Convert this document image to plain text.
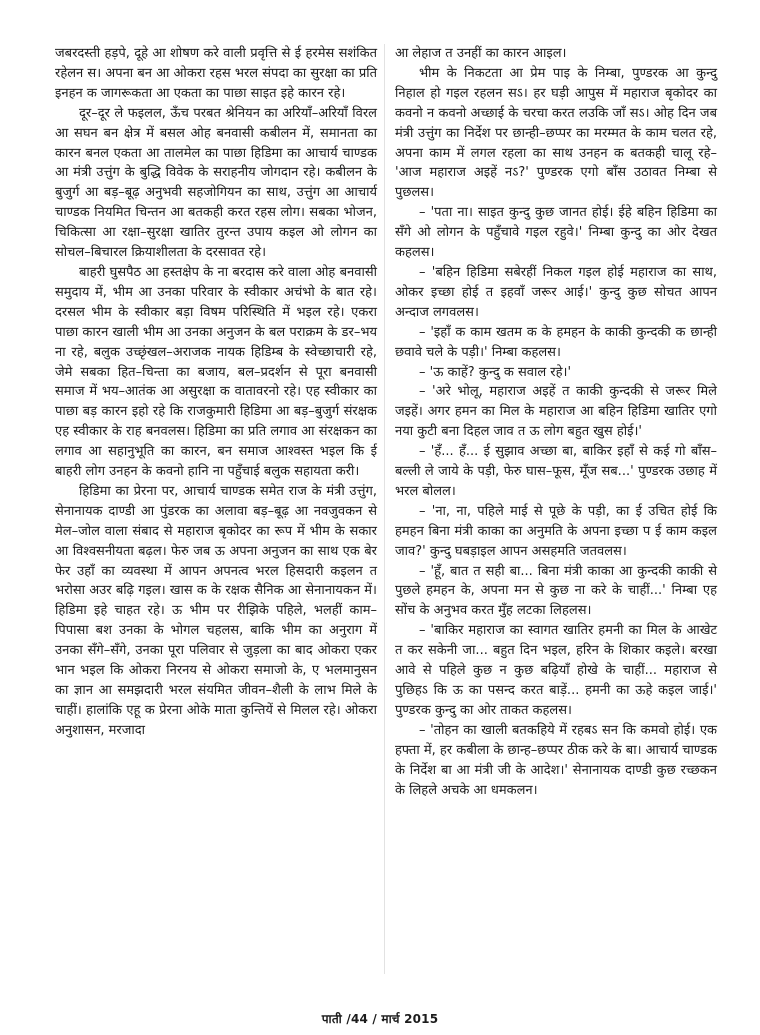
जबरदस्ती हड़पे, दूहे आ शोषण करे वाली प्रवृत्ति से ई हरमेस सशंकित रहेलन स। अपना बन आ ओकरा रहस भरल संपदा का सुरक्षा का प्रति इनहन क जागरूकता आ एकता का पाछा साइत इहे कारन रहे।

दूर–दूर ले फइलल, ऊँच परबत श्रेनियन का अरियाँ–अरियाँ विरल आ सघन बन क्षेत्र में बसल ओह बनवासी कबीलन में, समानता का कारन बनल एकता आ तालमेल का पाछा हिडिमा का आचार्य चाण्डक आ मंत्री उत्तुंग के बुद्धि विवेक के सराहनीय जोगदान रहे। कबीलन के बुजुर्ग आ बड़–बूढ़ अनुभवी सहजोगियन का साथ, उत्तुंग आ आचार्य चाण्डक नियमित चिन्तन आ बतकही करत रहस लोग। सबका भोजन, चिकित्सा आ रक्षा–सुरक्षा खातिर तुरन्त उपाय कइल ओ लोगन का सोचल–बिचारल क्रियाशीलता के दरसावत रहे।

बाहरी घुसपैठ आ हस्तक्षेप के ना बरदास करे वाला ओह बनवासी समुदाय में, भीम आ उनका परिवार के स्वीकार अचंभो के बात रहे। दरसल भीम के स्वीकार बड़ा विषम परिस्थिति में भइल रहे। एकरा पाछा कारन खाली भीम आ उनका अनुजन के बल पराक्रम के डर–भय ना रहे, बलुक उच्छृंखल–अराजक नायक हिडिम्ब के स्वेच्छाचारी रहे, जेमे सबका हित–चिन्ता का बजाय, बल–प्रदर्शन से पूरा बनवासी समाज में भय–आतंक आ असुरक्षा क वातावरनो रहे। एह स्वीकार का पाछा बड़ कारन इहो रहे कि राजकुमारी हिडिमा आ बड़–बुजुर्ग संरक्षक एह स्वीकार के राह बनवलस। हिडिमा का प्रति लगाव आ संरक्षकन का लगाव आ सहानुभूति का कारन, बन समाज आश्वस्त भइल कि ई बाहरी लोग उनहन के कवनो हानि ना पहुँचाई बलुक सहायता करी।

हिडिमा का प्रेरना पर, आचार्य चाण्डक समेत राज के मंत्री उत्तुंग, सेनानायक दाण्डी आ पुंडरक का अलावा बड़–बूढ़ आ नवजुवकन से मेल–जोल वाला संबाद से महाराज बृकोदर का रूप में भीम के सकार आ विश्वसनीयता बढ़ल। फेरु जब ऊ अपना अनुजन का साथ एक बेर फेर उहाँ का व्यवस्था में आपन अपनत्व भरल हिसदारी कइलन त भरोसा अउर बढ़ि गइल। खास क के रक्षक सैनिक आ सेनानायकन में। हिडिमा इहे चाहत रहे। ऊ भीम पर रीझिके पहिले, भलहीं काम–पिपासा बश उनका के भोगल चहलस, बाकि भीम का अनुराग में उनका सँगे–सँगे, उनका पूरा पलिवार से जुड़ला का बाद ओकरा एकर भान भइल कि ओकरा निरनय से ओकरा समाजो के, ए भलमानुसन का ज्ञान आ समझदारी भरल संयमित जीवन–शैली के लाभ मिले के चाहीं। हालांकि एहू क प्रेरना ओके माता कुन्तियें से मिलल रहे। ओकरा अनुशासन, मरजादा

आ लेहाज त उनहीं का कारन आइल।

भीम के निकटता आ प्रेम पाइ के निम्बा, पुण्डरक आ कुन्दु निहाल हो गइल रहलन सऽ। हर घड़ी आपुस में महाराज बृकोदर का कवनो न कवनो अच्छाई के चरचा करत लउकि जाँ सऽ। ओह दिन जब मंत्री उत्तुंग का निर्देश पर छान्ही–छप्पर का मरम्मत के काम चलत रहे, अपना काम में लगल रहला का साथ उनहन क बतकही चालू रहे– 'आज महाराज अइहें नऽ?' पुण्डरक एगो बाँस उठावत निम्बा से पुछलस।

– 'पता ना। साइत कुन्दु कुछ जानत होई। ईहे बहिन हिडिमा का सँगे ओ लोगन के पहुँचावे गइल रहुवे।' निम्बा कुन्दु का ओर देखत कहलस।

– 'बहिन हिडिमा सबेरहीं निकल गइल होई महाराज का साथ, ओकर इच्छा होई त इहवाँ जरूर आई।' कुन्दु कुछ सोचत आपन अन्दाज लगवलस।

– 'इहाँ क काम खतम क के हमहन के काकी कुन्दकी क छान्ही छवावे चले के पड़ी।' निम्बा कहलस।

– 'ऊ काहें? कुन्दु क सवाल रहे।'

– 'अरे भोलू, महाराज अइहें त काकी कुन्दकी से जरूर मिले जइहें। अगर हमन का मिल के महाराज आ बहिन हिडिमा खातिर एगो नया कुटी बना दिहल जाव त ऊ लोग बहुत खुस होई।'

– 'हँ... हँ... ई सुझाव अच्छा बा, बाकिर इहाँ से कई गो बाँस–बल्ली ले जाये के पड़ी, फेरु घास–फूस, मूँज सब...' पुण्डरक उछाह में भरल बोलल।

– 'ना, ना, पहिले माई से पूछे के पड़ी, का ई उचित होई कि हमहन बिना मंत्री काका का अनुमति के अपना इच्छा प ई काम कइल जाव?' कुन्दु घबड़ाइल आपन असहमति जतवलस।

– 'हूँ, बात त सही बा... बिना मंत्री काका आ कुन्दकी काकी से पुछले हमहन के, अपना मन से कुछ ना करे के चाहीं...' निम्बा एह सोंच के अनुभव करत मुँह लटका लिहलस।

– 'बाकिर महाराज का स्वागत खातिर हमनी का मिल के आखेट त कर सकेनी जा... बहुत दिन भइल, हरिन के शिकार कइले। बरखा आवे से पहिले कुछ न कुछ बढ़ियाँ होखे के चाहीं... महाराज से पुछिहऽ कि ऊ का पसन्द करत बाड़ें... हमनी का ऊहे कइल जाई।' पुण्डरक कुन्दु का ओर ताकत कहलस।

– 'तोहन का खाली बतकहिये में रहबऽ सन कि कमवो होई। एक हफ्ता में, हर कबीला के छान्ह–छप्पर ठीक करे के बा। आचार्य चाण्डक के निर्देश बा आ मंत्री जी के आदेश।' सेनानायक दाण्डी कुछ रच्छकन के लिहले अचके आ धमकलन।

पाती /44 / मार्च 2015
